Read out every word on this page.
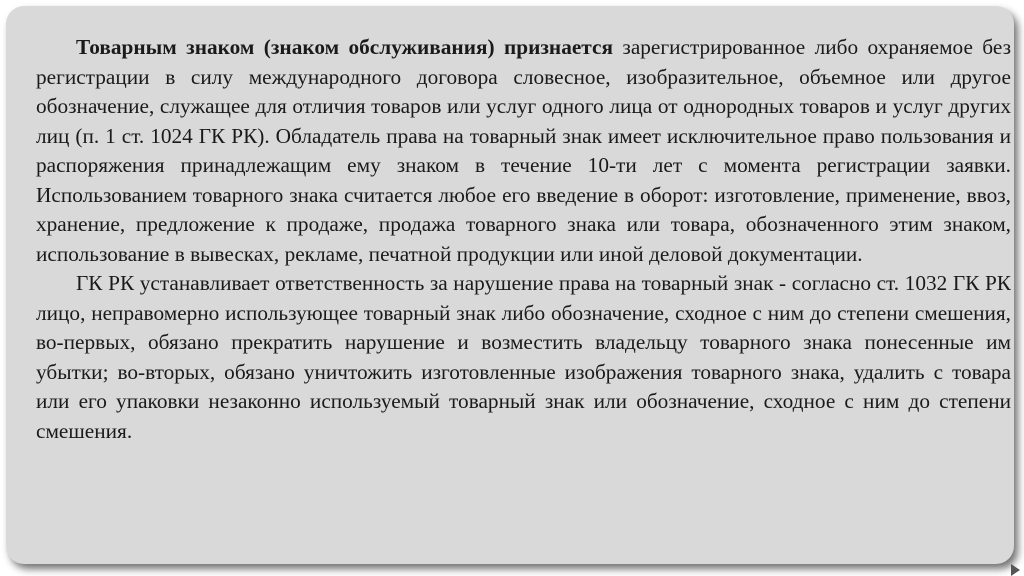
Товарным знаком (знаком обслуживания) признается зарегистрированное либо охраняемое без регистрации в силу международного договора словесное, изобразительное, объемное или другое обозначение, служащее для отличия товаров или услуг одного лица от однородных товаров и услуг других лиц (п. 1 ст. 1024 ГК РК). Обладатель права на товарный знак имеет исключительное право пользования и распоряжения принадлежащим ему знаком в течение 10-ти лет с момента регистрации заявки. Использованием товарного знака считается любое его введение в оборот: изготовление, применение, ввоз, хранение, предложение к продаже, продажа товарного знака или товара, обозначенного этим знаком, использование в вывесках, рекламе, печатной продукции или иной деловой документации.

ГК РК устанавливает ответственность за нарушение права на товарный знак - согласно ст. 1032 ГК РК лицо, неправомерно использующее товарный знак либо обозначение, сходное с ним до степени смешения, во-первых, обязано прекратить нарушение и возместить владельцу товарного знака понесенные им убытки; во-вторых, обязано уничтожить изготовленные изображения товарного знака, удалить с товара или его упаковки незаконно используемый товарный знак или обозначение, сходное с ним до степени смешения.
